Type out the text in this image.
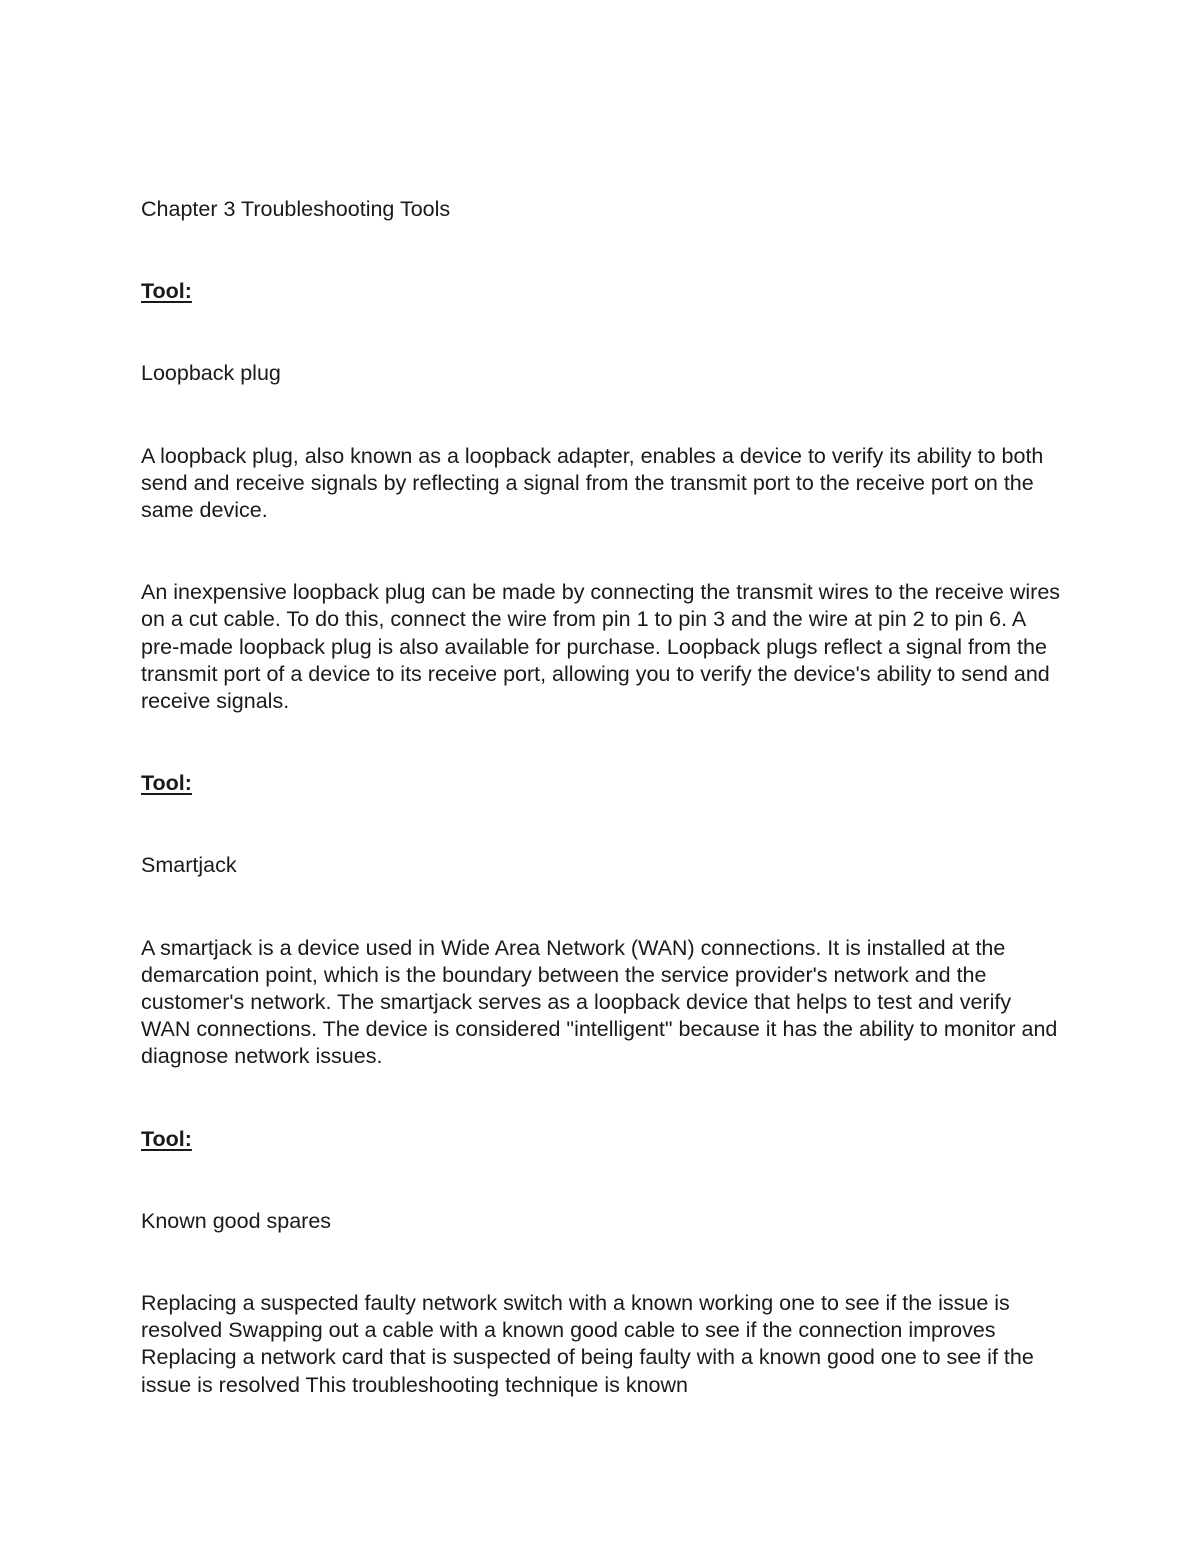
Chapter 3 Troubleshooting Tools

Tool:

Loopback plug

A loopback plug, also known as a loopback adapter, enables a device to verify its ability to both send and receive signals by reflecting a signal from the transmit port to the receive port on the same device.

An inexpensive loopback plug can be made by connecting the transmit wires to the receive wires on a cut cable. To do this, connect the wire from pin 1 to pin 3 and the wire at pin 2 to pin 6. A pre-made loopback plug is also available for purchase. Loopback plugs reflect a signal from the transmit port of a device to its receive port, allowing you to verify the device's ability to send and receive signals.

Tool:

Smartjack

A smartjack is a device used in Wide Area Network (WAN) connections. It is installed at the demarcation point, which is the boundary between the service provider's network and the customer's network. The smartjack serves as a loopback device that helps to test and verify WAN connections. The device is considered "intelligent" because it has the ability to monitor and diagnose network issues.

Tool:

Known good spares

Replacing a suspected faulty network switch with a known working one to see if the issue is resolved Swapping out a cable with a known good cable to see if the connection improves Replacing a network card that is suspected of being faulty with a known good one to see if the issue is resolved This troubleshooting technique is known
